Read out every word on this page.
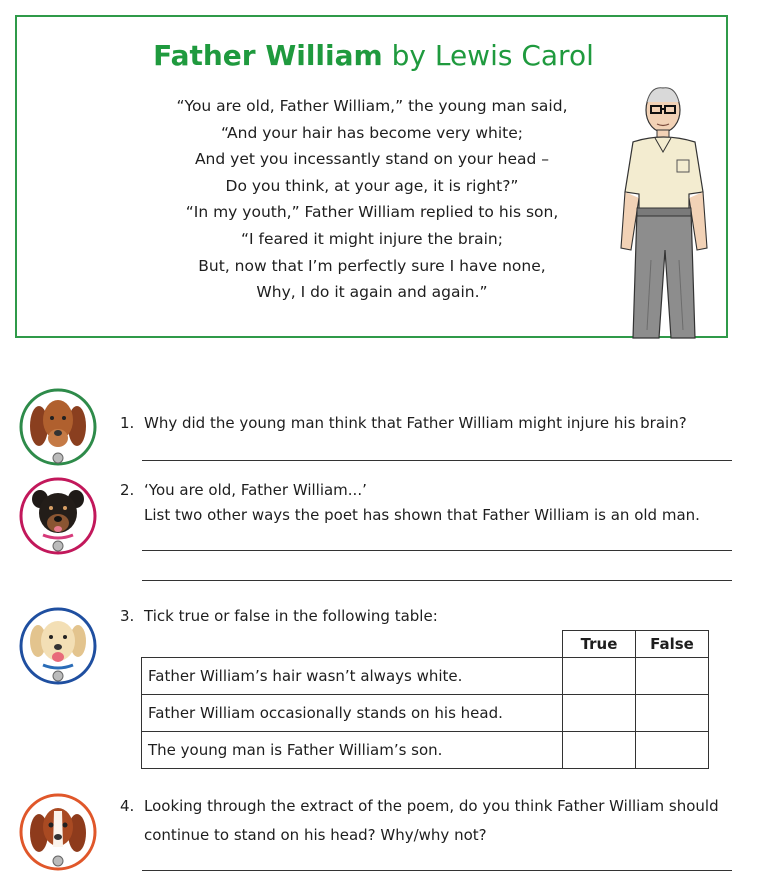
Father William by Lewis Carol
“You are old, Father William,” the young man said,
“And your hair has become very white;
And yet you incessantly stand on your head –
Do you think, at your age, it is right?”
“In my youth,” Father William replied to his son,
“I feared it might injure the brain;
But, now that I’m perfectly sure I have none,
Why, I do it again and again.”
1. Why did the young man think that Father William might injure his brain?
2. ‘You are old, Father William...’
List two other ways the poet has shown that Father William is an old man.
3. Tick true or false in the following table:
	True	False
Father William’s hair wasn’t always white.		
Father William occasionally stands on his head.		
The young man is Father William’s son.		
4. Looking through the extract of the poem, do you think Father William should
continue to stand on his head? Why/why not?
